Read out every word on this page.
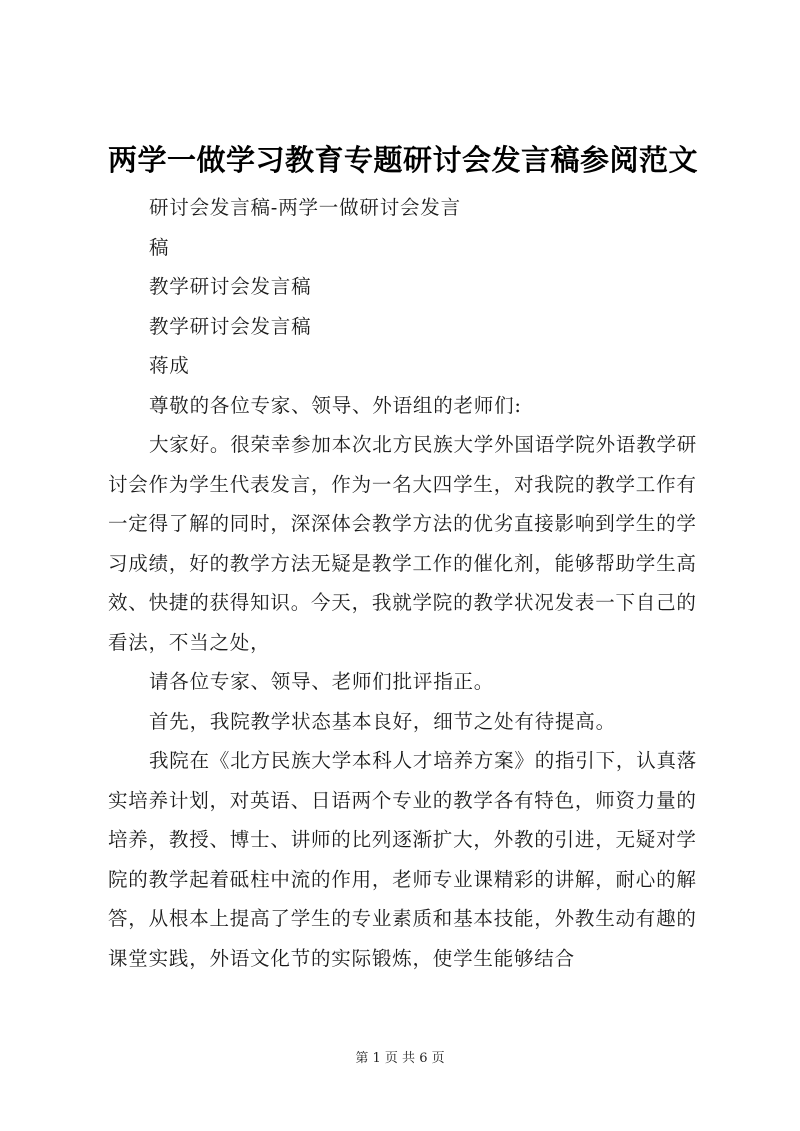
两学一做学习教育专题研讨会发言稿参阅范文

研讨会发言稿-两学一做研讨会发言

稿

教学研讨会发言稿

教学研讨会发言稿

蒋成

尊敬的各位专家、领导、外语组的老师们:

大家好。很荣幸参加本次北方民族大学外国语学院外语教学研讨会作为学生代表发言，作为一名大四学生，对我院的教学工作有一定得了解的同时，深深体会教学方法的优劣直接影响到学生的学习成绩，好的教学方法无疑是教学工作的催化剂，能够帮助学生高效、快捷的获得知识。今天，我就学院的教学状况发表一下自己的看法，不当之处，

请各位专家、领导、老师们批评指正。

首先，我院教学状态基本良好，细节之处有待提高。

我院在《北方民族大学本科人才培养方案》的指引下，认真落实培养计划，对英语、日语两个专业的教学各有特色，师资力量的培养，教授、博士、讲师的比列逐渐扩大，外教的引进，无疑对学院的教学起着砥柱中流的作用，老师专业课精彩的讲解，耐心的解答，从根本上提高了学生的专业素质和基本技能，外教生动有趣的课堂实践，外语文化节的实际锻炼，使学生能够结合

第 1 页 共 6 页
